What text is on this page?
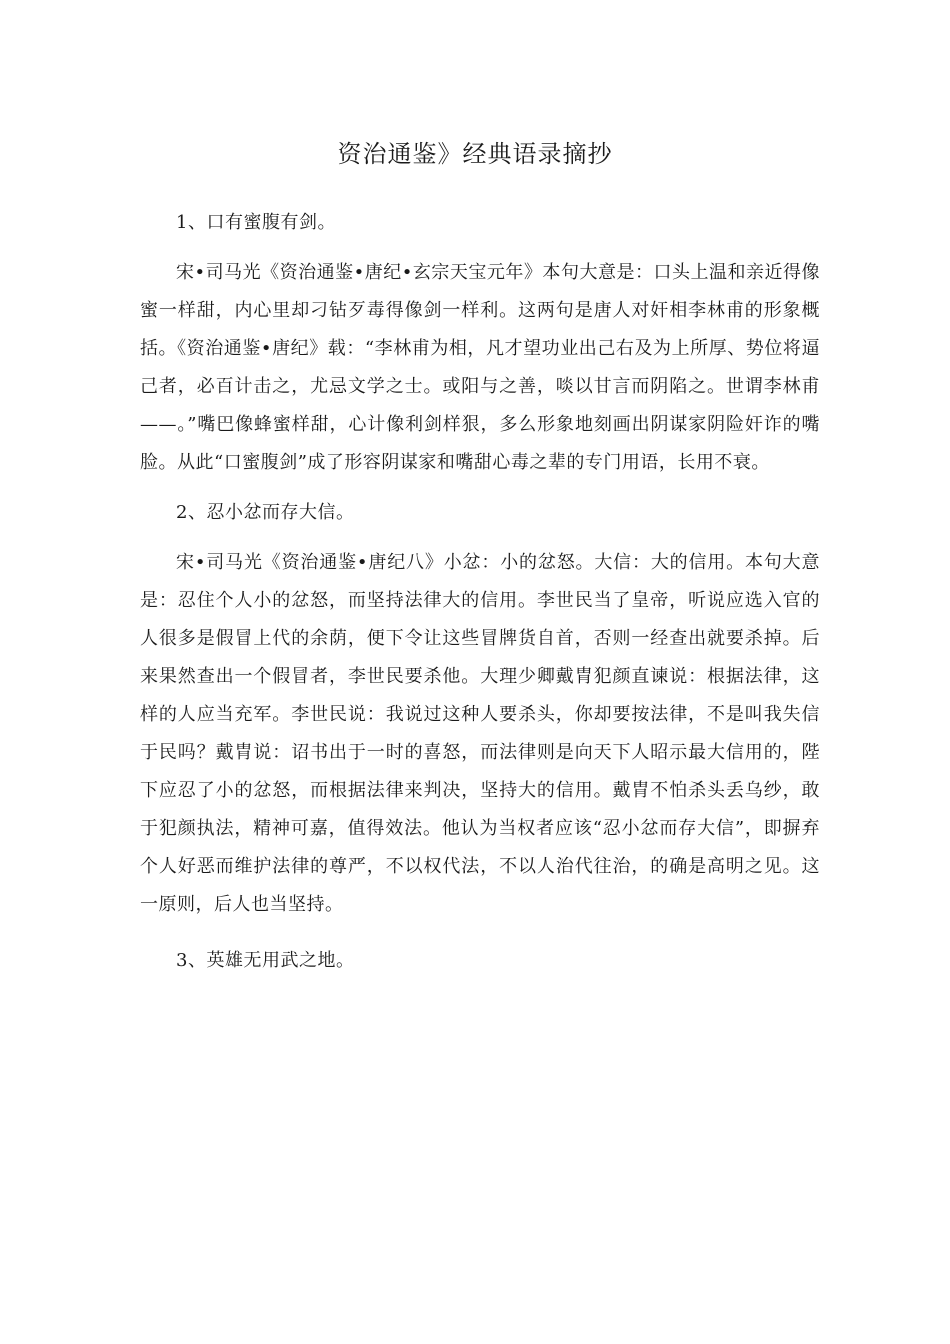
资治通鉴》经典语录摘抄

1、口有蜜腹有剑。

宋•司马光《资治通鉴•唐纪•玄宗天宝元年》本句大意是：口头上温和亲近得像蜜一样甜，内心里却刁钻歹毒得像剑一样利。这两句是唐人对奸相李林甫的形象概括。《资治通鉴•唐纪》载：“李林甫为相，凡才望功业出己右及为上所厚、势位将逼己者，必百计击之，尤忌文学之士。或阳与之善，啖以甘言而阴陷之。世谓李林甫——。”嘴巴像蜂蜜样甜，心计像利剑样狠，多么形象地刻画出阴谋家阴险奸诈的嘴脸。从此“口蜜腹剑”成了形容阴谋家和嘴甜心毒之辈的专门用语，长用不衰。

2、忍小忿而存大信。

宋•司马光《资治通鉴•唐纪八》小忿：小的忿怒。大信：大的信用。本句大意是：忍住个人小的忿怒，而坚持法律大的信用。李世民当了皇帝，听说应选入官的人很多是假冒上代的余荫，便下令让这些冒牌货自首，否则一经查出就要杀掉。后来果然查出一个假冒者，李世民要杀他。大理少卿戴胄犯颜直谏说：根据法律，这样的人应当充军。李世民说：我说过这种人要杀头，你却要按法律，不是叫我失信于民吗？戴胄说：诏书出于一时的喜怒，而法律则是向天下人昭示最大信用的，陛下应忍了小的忿怒，而根据法律来判决，坚持大的信用。戴胄不怕杀头丢乌纱，敢于犯颜执法，精神可嘉，值得效法。他认为当权者应该“忍小忿而存大信”，即摒弃个人好恶而维护法律的尊严，不以权代法，不以人治代往治，的确是高明之见。这一原则，后人也当坚持。

3、英雄无用武之地。
